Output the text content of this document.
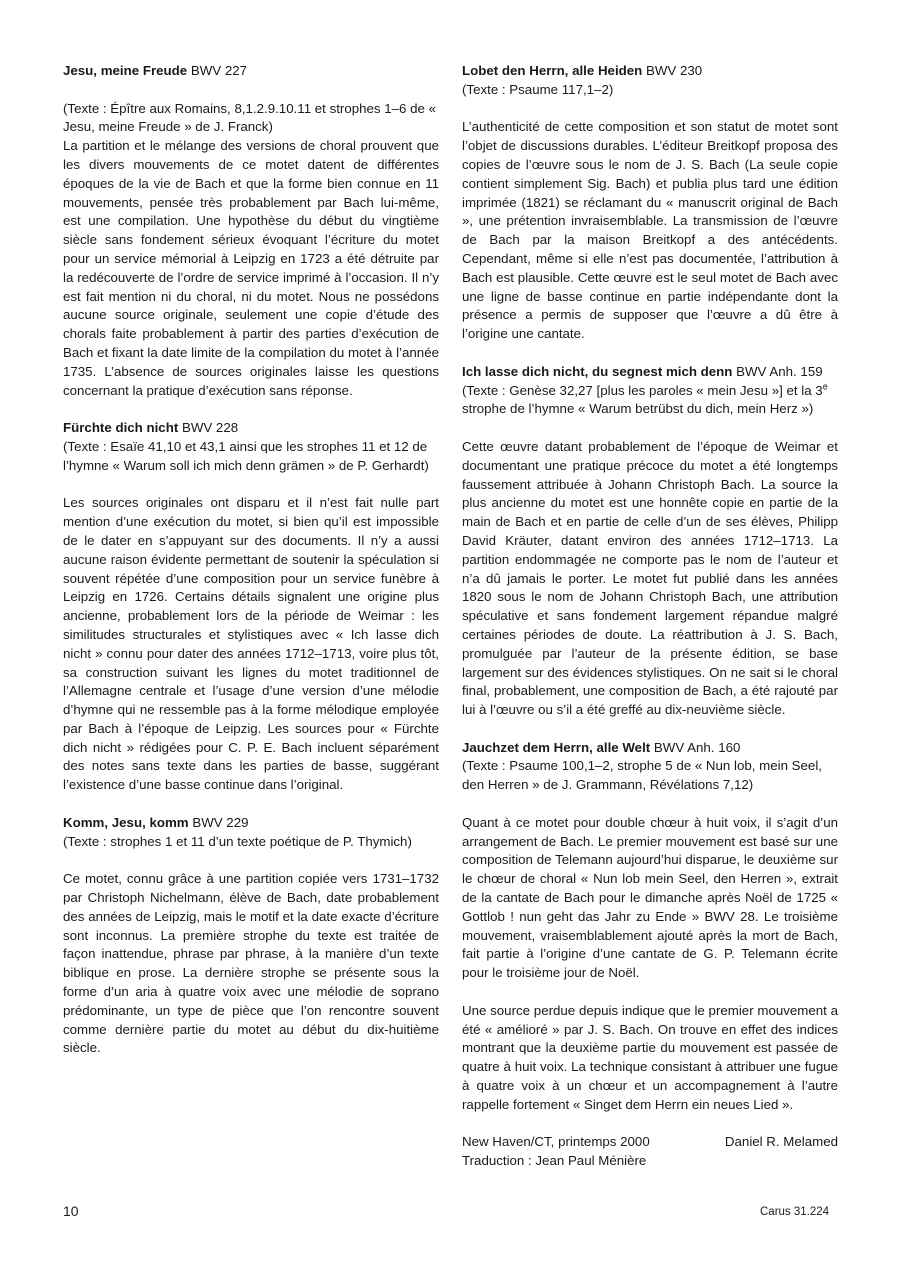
Jesu, meine Freude BWV 227

(Texte : Épître aux Romains, 8,1.2.9.10.11 et strophes 1–6 de « Jesu, meine Freude » de J. Franck)

La partition et le mélange des versions de choral prouvent que les divers mouvements de ce motet datent de différentes époques de la vie de Bach et que la forme bien connue en 11 mouvements, pensée très probablement par Bach lui-même, est une compilation. Une hypothèse du début du vingtième siècle sans fondement sérieux évoquant l’écriture du motet pour un service mémorial à Leipzig en 1723 a été détruite par la redécouverte de l’ordre de service imprimé à l’occasion. Il n’y est fait mention ni du choral, ni du motet. Nous ne possédons aucune source originale, seulement une copie d’étude des chorals faite probablement à partir des parties d’exécution de Bach et fixant la date limite de la compilation du motet à l’année 1735. L’absence de sources originales laisse les questions concernant la pratique d’exécution sans réponse.

Fürchte dich nicht BWV 228

(Texte : Esaïe 41,10 et 43,1 ainsi que les strophes 11 et 12 de l’hymne « Warum soll ich mich denn grämen » de P. Gerhardt)

Les sources originales ont disparu et il n’est fait nulle part mention d’une exécution du motet, si bien qu’il est impossible de le dater en s’appuyant sur des documents. Il n’y a aussi aucune raison évidente permettant de soutenir la spéculation si souvent répétée d’une composition pour un service funèbre à Leipzig en 1726. Certains détails signalent une origine plus ancienne, probablement lors de la période de Weimar : les similitudes structurales et stylistiques avec « Ich lasse dich nicht » connu pour dater des années 1712–1713, voire plus tôt, sa construction suivant les lignes du motet traditionnel de l’Allemagne centrale et l’usage d’une version d’une mélodie d’hymne qui ne ressemble pas à la forme mélodique employée par Bach à l’époque de Leipzig. Les sources pour « Fürchte dich nicht » rédigées pour C. P. E. Bach incluent séparément des notes sans texte dans les parties de basse, suggérant l’existence d’une basse continue dans l’original.

Komm, Jesu, komm BWV 229

(Texte : strophes 1 et 11 d’un texte poétique de P. Thymich)

Ce motet, connu grâce à une partition copiée vers 1731–1732 par Christoph Nichelmann, élève de Bach, date probablement des années de Leipzig, mais le motif et la date exacte d’écriture sont inconnus. La première strophe du texte est traitée de façon inattendue, phrase par phrase, à la manière d’un texte biblique en prose. La dernière strophe se présente sous la forme d’un aria à quatre voix avec une mélodie de soprano prédominante, un type de pièce que l’on rencontre souvent comme dernière partie du motet au début du dix-huitième siècle.

Lobet den Herrn, alle Heiden BWV 230

(Texte : Psaume 117,1–2)

L’authenticité de cette composition et son statut de motet sont l’objet de discussions durables. L’éditeur Breitkopf proposa des copies de l’œuvre sous le nom de J. S. Bach (La seule copie contient simplement Sig. Bach) et publia plus tard une édition imprimée (1821) se réclamant du « manuscrit original de Bach », une prétention invraisemblable. La transmission de l’œuvre de Bach par la maison Breitkopf a des antécédents. Cependant, même si elle n’est pas documentée, l’attribution à Bach est plausible. Cette œuvre est le seul motet de Bach avec une ligne de basse continue en partie indépendante dont la présence a permis de supposer que l’œuvre a dû être à l’origine une cantate.

Ich lasse dich nicht, du segnest mich denn BWV Anh. 159

(Texte : Genèse 32,27 [plus les paroles « mein Jesu »] et la 3e strophe de l’hymne « Warum betrübst du dich, mein Herz »)

Cette œuvre datant probablement de l’époque de Weimar et documentant une pratique précoce du motet a été longtemps faussement attribuée à Johann Christoph Bach. La source la plus ancienne du motet est une honnête copie en partie de la main de Bach et en partie de celle d’un de ses élèves, Philipp David Kräuter, datant environ des années 1712–1713. La partition endommagée ne comporte pas le nom de l’auteur et n’a dû jamais le porter. Le motet fut publié dans les années 1820 sous le nom de Johann Christoph Bach, une attribution spéculative et sans fondement largement répandue malgré certaines périodes de doute. La réattribution à J. S. Bach, promulguée par l’auteur de la présente édition, se base largement sur des évidences stylistiques. On ne sait si le choral final, probablement, une composition de Bach, a été rajouté par lui à l’œuvre ou s’il a été greffé au dix-neuvième siècle.

Jauchzet dem Herrn, alle Welt BWV Anh. 160

(Texte : Psaume 100,1–2, strophe 5 de « Nun lob, mein Seel, den Herren » de J. Grammann, Révélations 7,12)

Quant à ce motet pour double chœur à huit voix, il s’agit d’un arrangement de Bach. Le premier mouvement est basé sur une composition de Telemann aujourd’hui disparue, le deuxième sur le chœur de choral « Nun lob mein Seel, den Herren », extrait de la cantate de Bach pour le dimanche après Noël de 1725 « Gottlob ! nun geht das Jahr zu Ende » BWV 28. Le troisième mouvement, vraisemblablement ajouté après la mort de Bach, fait partie à l’origine d’une cantate de G. P. Telemann écrite pour le troisième jour de Noël.

Une source perdue depuis indique que le premier mouvement a été « amélioré » par J. S. Bach. On trouve en effet des indices montrant que la deuxième partie du mouvement est passée de quatre à huit voix. La technique consistant à attribuer une fugue à quatre voix à un chœur et un accompagnement à l’autre rappelle fortement « Singet dem Herrn ein neues Lied ».

New Haven/CT, printemps 2000	Daniel R. Melamed

Traduction : Jean Paul Ménière

10	Carus 31.224
